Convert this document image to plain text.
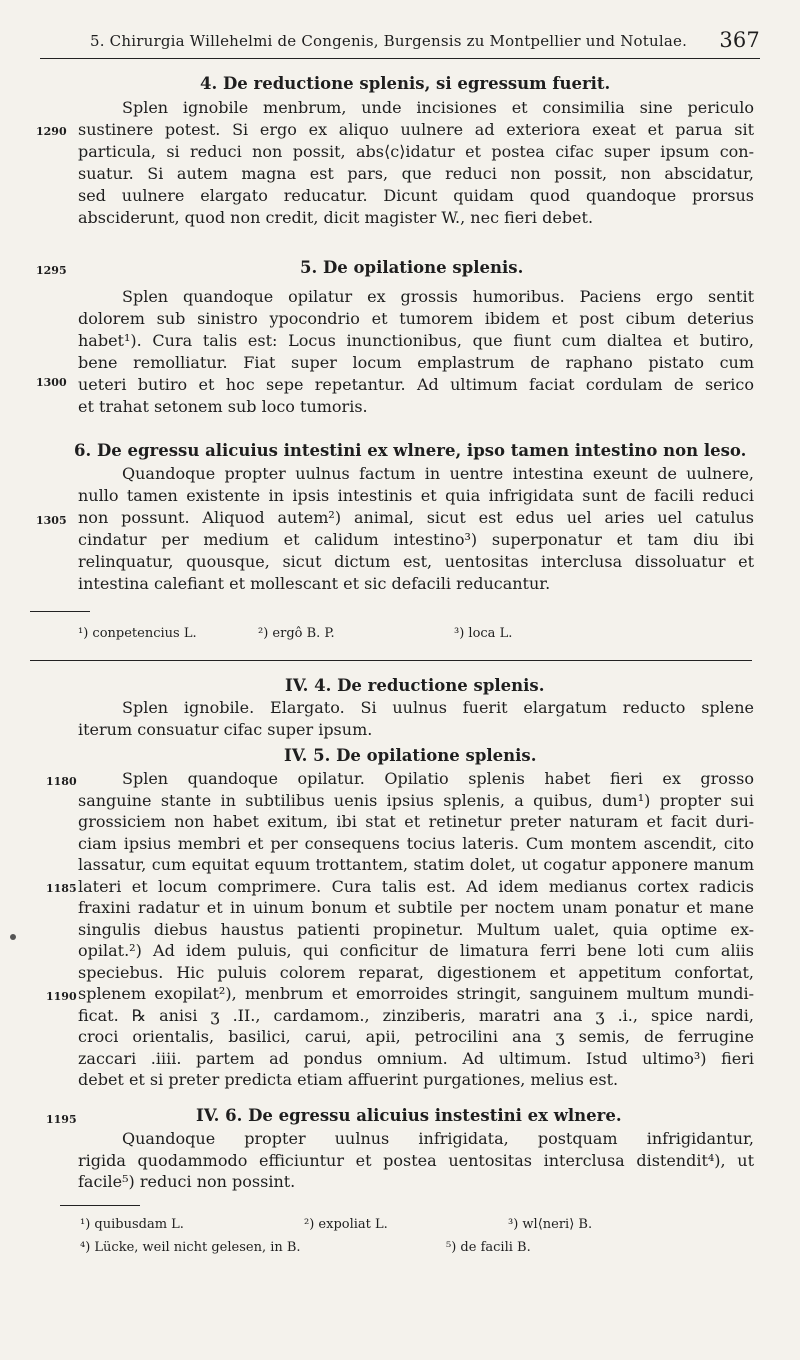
5. Chirurgia Willehelmi de Congenis, Burgensis zu Montpellier und Notulae. 367
4. De reductione splenis, si egressum fuerit.
Splen ignobile menbrum, unde incisiones et consimilia sine periculo
sustinere potest. Si ergo ex aliquo uulnere ad exteriora exeat et parua sit
particula, si reduci non possit, abs⟨c⟩idatur et postea cifac super ipsum con-
suatur. Si autem magna est pars, que reduci non possit, non abscidatur,
sed uulnere elargato reducatur. Dicunt quidam quod quandoque prorsus
absciderunt, quod non credit, dicit magister W., nec fieri debet.
1290
5. De opilatione splenis.
Splen quandoque opilatur ex grossis humoribus. Paciens ergo sentit
dolorem sub sinistro ypocondrio et tumorem ibidem et post cibum deterius
habet¹). Cura talis est: Locus inunctionibus, que fiunt cum dialtea et butiro,
bene remolliatur. Fiat super locum emplastrum de raphano pistato cum
ueteri butiro et hoc sepe repetantur. Ad ultimum faciat cordulam de serico
et trahat setonem sub loco tumoris.
1295
1300
6. De egressu alicuius intestini ex wlnere, ipso tamen intestino non leso.
Quandoque propter uulnus factum in uentre intestina exeunt de uulnere,
nullo tamen existente in ipsis intestinis et quia infrigidata sunt de facili reduci
non possunt. Aliquod autem²) animal, sicut est edus uel aries uel catulus
cindatur per medium et calidum intestino³) superponatur et tam diu ibi
relinquatur, quousque, sicut dictum est, uentositas interclusa dissoluatur et
intestina calefiant et mollescant et sic defacili reducantur.
1305
¹) conpetencius L.	²) ergô B. P.	³) loca L.
IV. 4. De reductione splenis.
Splen ignobile. Elargato. Si uulnus fuerit elargatum reducto splene
iterum consuatur cifac super ipsum.
IV. 5. De opilatione splenis.
Splen quandoque opilatur. Opilatio splenis habet fieri ex grosso
sanguine stante in subtilibus uenis ipsius splenis, a quibus, dum¹) propter sui
grossiciem non habet exitum, ibi stat et retinetur preter naturam et facit duri-
ciam ipsius membri et per consequens tocius lateris. Cum montem ascendit, cito
lassatur, cum equitat equum trottantem, statim dolet, ut cogatur apponere manum
lateri et locum comprimere. Cura talis est. Ad idem medianus cortex radicis
fraxini radatur et in uinum bonum et subtile per noctem unam ponatur et mane
singulis diebus haustus patienti propinetur. Multum ualet, quia optime ex-
opilat.²) Ad idem puluis, qui conficitur de limatura ferri bene loti cum aliis
speciebus. Hic puluis colorem reparat, digestionem et appetitum confortat,
splenem exopilat²), menbrum et emorroides stringit, sanguinem multum mundi-
ficat. ℞ anisi ʒ .II., cardamom., zinziberis, maratri ana ʒ .i., spice nardi,
croci orientalis, basilici, carui, apii, petrocilini ana ʒ semis, de ferrugine
zaccari .iiii. partem ad pondus omnium. Ad ultimum. Istud ultimo³) fieri
debet et si preter predicta etiam affuerint purgationes, melius est.
1180
1185
1190
IV. 6. De egressu alicuius instestini ex wlnere.
Quandoque propter uulnus infrigidata, postquam infrigidantur,
rigida quodammodo efficiuntur et postea uentositas interclusa distendit⁴), ut
facile⁵) reduci non possint.
1195
¹) quibusdam L.	²) expoliat L.	³) wl⟨neri⟩ B.
⁴) Lücke, weil nicht gelesen, in B.	⁵) de facili B.
